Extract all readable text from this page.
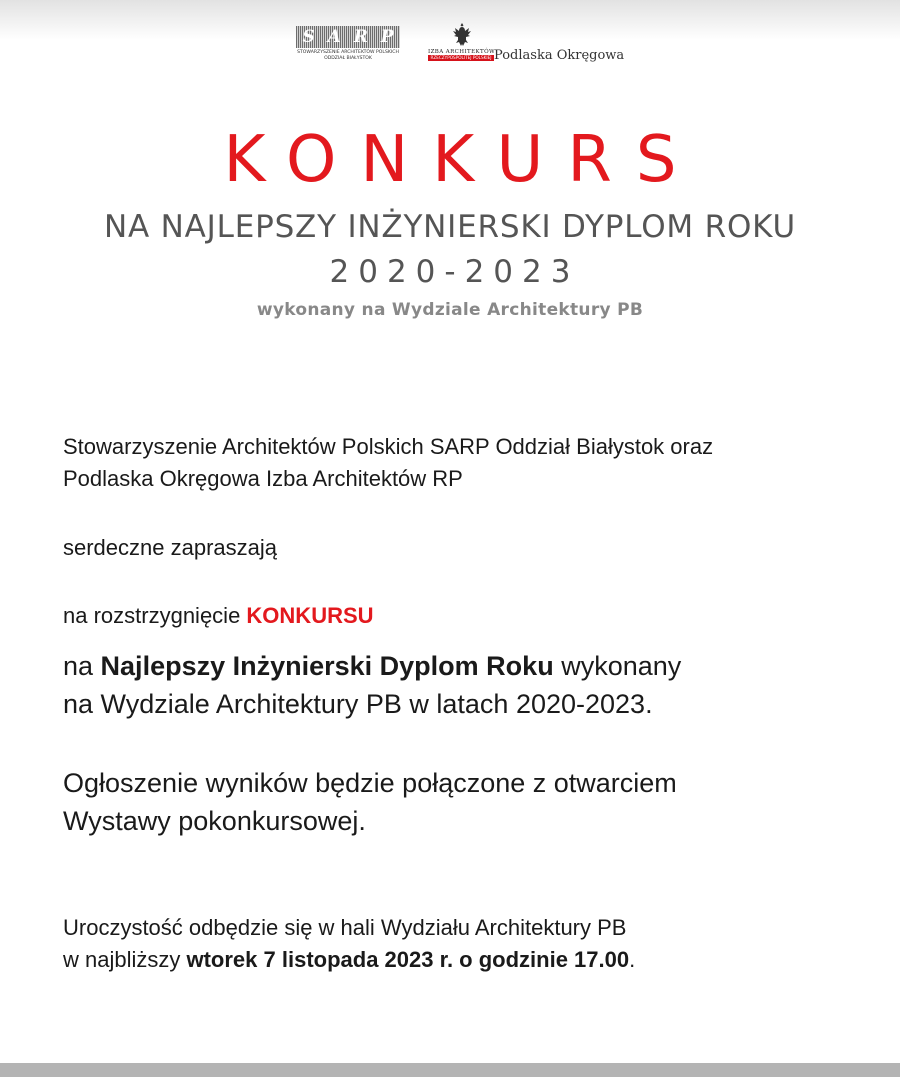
S A R P
STOWARZYSZENIE ARCHITEKTÓW POLSKICH
ODDZIAŁ BIAŁYSTOK
IZBA ARCHITEKTÓW
RZECZYPOSPOLITEJ POLSKIEJ Podlaska Okręgowa
KONKURS
NA NAJLEPSZY INŻYNIERSKI DYPLOM ROKU
2020-2023
wykonany na Wydziale Architektury PB
Stowarzyszenie Architektów Polskich SARP Oddział Białystok oraz
Podlaska Okręgowa Izba Architektów RP
serdeczne zapraszają
na rozstrzygnięcie KONKURSU
na Najlepszy Inżynierski Dyplom Roku wykonany
na Wydziale Architektury PB w latach 2020-2023.
Ogłoszenie wyników będzie połączone z otwarciem
Wystawy pokonkursowej.
Uroczystość odbędzie się w hali Wydziału Architektury PB
w najbliższy wtorek 7 listopada 2023 r. o godzinie 17.00.
